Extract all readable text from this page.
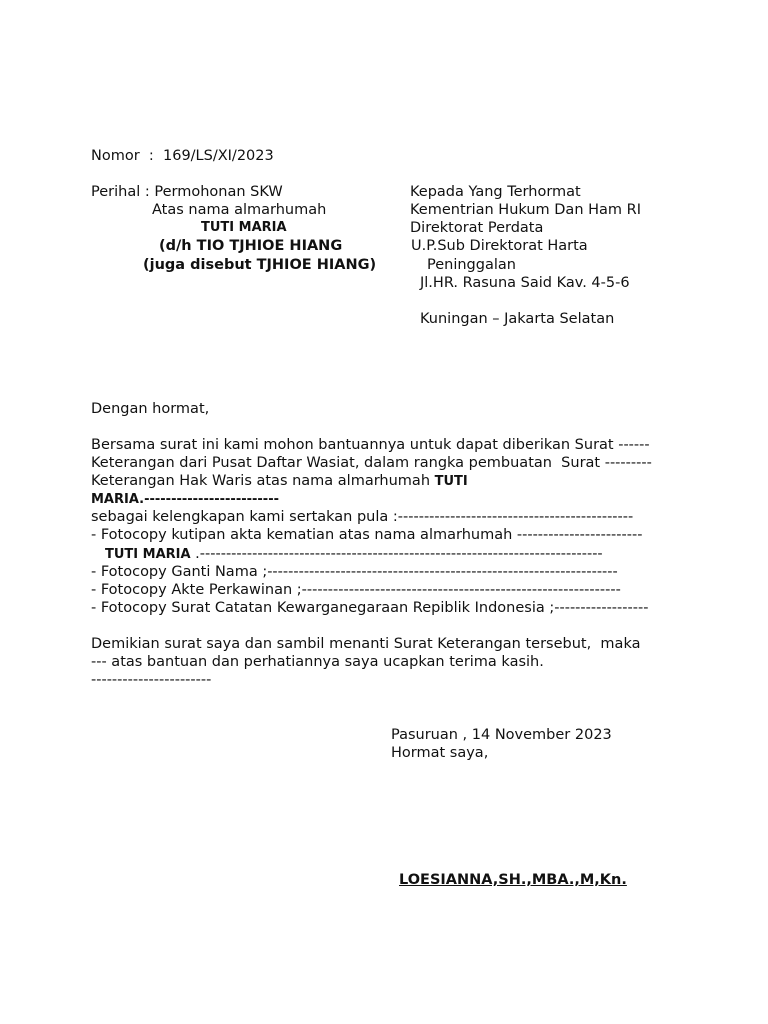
Nomor  :  169/LS/XI/2023
Perihal : Permohonan SKW
Atas nama almarhumah
TUTI MARIA
(d/h TIO TJHIOE HIANG
(juga disebut TJHIOE HIANG)
Kepada Yang Terhormat
Kementrian Hukum Dan Ham RI
Direktorat Perdata
U.P.Sub Direktorat Harta
Peninggalan
Jl.HR. Rasuna Said Kav. 4-5-6
Kuningan – Jakarta Selatan
Dengan hormat,
Bersama surat ini kami mohon bantuannya untuk dapat diberikan Surat ------
Keterangan dari Pusat Daftar Wasiat, dalam rangka pembuatan  Surat ---------
Keterangan Hak Waris atas nama almarhumah TUTI
MARIA.-------------------------
sebagai kelengkapan kami sertakan pula :---------------------------------------------
- Fotocopy kutipan akta kematian atas nama almarhumah ------------------------
TUTI MARIA .-----------------------------------------------------------------------------
- Fotocopy Ganti Nama ;-------------------------------------------------------------------
- Fotocopy Akte Perkawinan ;-------------------------------------------------------------
- Fotocopy Surat Catatan Kewarganegaraan Repiblik Indonesia ;------------------
Demikian surat saya dan sambil menanti Surat Keterangan tersebut,  maka
--- atas bantuan dan perhatiannya saya ucapkan terima kasih.
-----------------------
Pasuruan , 14 November 2023
Hormat saya,
LOESIANNA,SH.,MBA.,M,Kn.
